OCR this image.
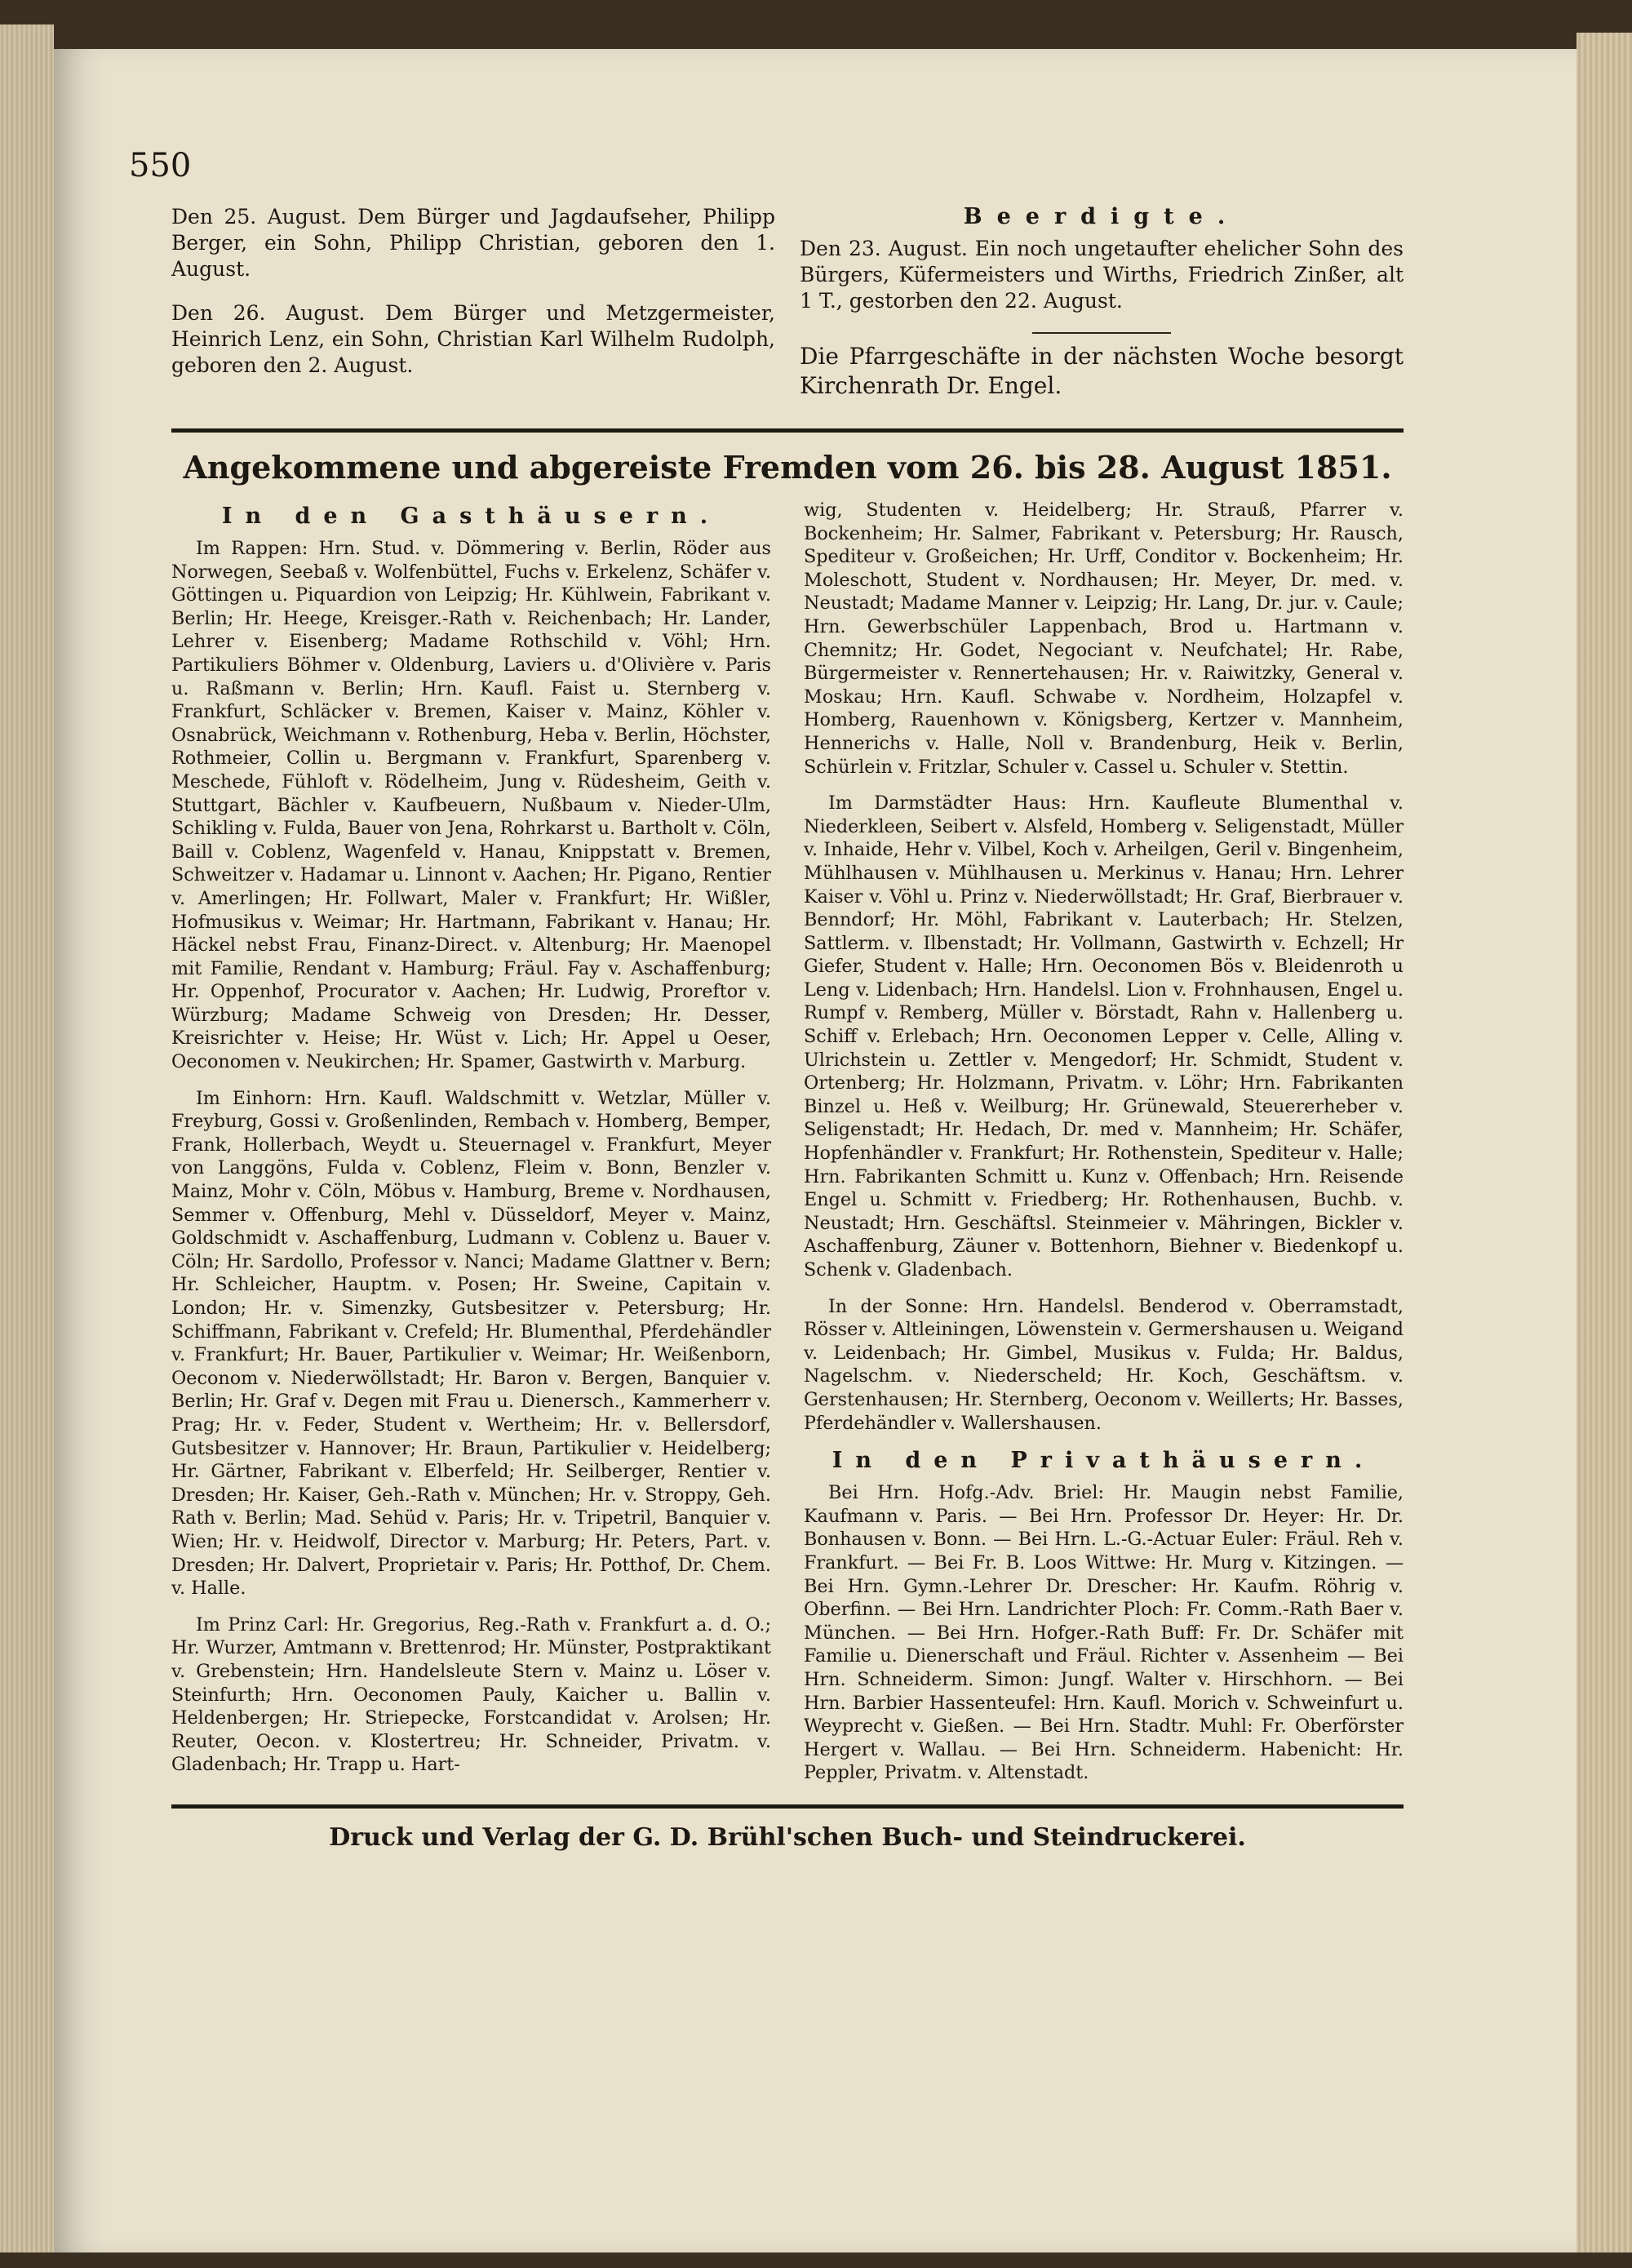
550

Den 25. August. Dem Bürger und Jagdaufseher, Philipp Berger, ein Sohn, Philipp Christian, geboren den 1. August.

Den 26. August. Dem Bürger und Metzgermeister, Heinrich Lenz, ein Sohn, Christian Karl Wilhelm Rudolph, geboren den 2. August.

Beerdigte.

Den 23. August. Ein noch ungetaufter ehelicher Sohn des Bürgers, Küfermeisters und Wirths, Friedrich Zinßer, alt 1 T., gestorben den 22. August.

Die Pfarrgeschäfte in der nächsten Woche besorgt Kirchenrath Dr. Engel.

Angekommene und abgereiste Fremden vom 26. bis 28. August 1851.
In den Gasthäusern.

Im Rappen: Hrn. Stud. v. Dömmering v. Berlin, Röder aus Norwegen, Seebaß v. Wolfenbüttel, Fuchs v. Erkelenz, Schäfer v. Göttingen u. Piquardion von Leipzig; Hr. Kühlwein, Fabrikant v. Berlin; Hr. Heege, Kreisger.-Rath v. Reichenbach; Hr. Lander, Lehrer v. Eisenberg; Madame Rothschild v. Vöhl; Hrn. Partikuliers Böhmer v. Oldenburg, Laviers u. d'Olivière v. Paris u. Raßmann v. Berlin; Hrn. Kaufl. Faist u. Sternberg v. Frankfurt, Schläcker v. Bremen, Kaiser v. Mainz, Köhler v. Osnabrück, Weichmann v. Rothenburg, Heba v. Berlin, Höchster, Rothmeier, Collin u. Bergmann v. Frankfurt, Sparenberg v. Meschede, Fühloft v. Rödelheim, Jung v. Rüdesheim, Geith v. Stuttgart, Bächler v. Kaufbeuern, Nußbaum v. Nieder-Ulm, Schikling v. Fulda, Bauer von Jena, Rohrkarst u. Bartholt v. Cöln, Baill v. Coblenz, Wagenfeld v. Hanau, Knippstatt v. Bremen, Schweitzer v. Hadamar u. Linnont v. Aachen; Hr. Pigano, Rentier v. Amerlingen; Hr. Follwart, Maler v. Frankfurt; Hr. Wißler, Hofmusikus v. Weimar; Hr. Hartmann, Fabrikant v. Hanau; Hr. Häckel nebst Frau, Finanz-Direct. v. Altenburg; Hr. Maenopel mit Familie, Rendant v. Hamburg; Fräul. Fay v. Aschaffenburg; Hr. Oppenhof, Procurator v. Aachen; Hr. Ludwig, Proreftor v. Würzburg; Madame Schweig von Dresden; Hr. Desser, Kreisrichter v. Heise; Hr. Wüst v. Lich; Hr. Appel u Oeser, Oeconomen v. Neukirchen; Hr. Spamer, Gastwirth v. Marburg.

Im Einhorn: Hrn. Kaufl. Waldschmitt v. Wetzlar, Müller v. Freyburg, Gossi v. Großenlinden, Rembach v. Homberg, Bemper, Frank, Hollerbach, Weydt u. Steuernagel v. Frankfurt, Meyer von Langgöns, Fulda v. Coblenz, Fleim v. Bonn, Benzler v. Mainz, Mohr v. Cöln, Möbus v. Hamburg, Breme v. Nordhausen, Semmer v. Offenburg, Mehl v. Düsseldorf, Meyer v. Mainz, Goldschmidt v. Aschaffenburg, Ludmann v. Coblenz u. Bauer v. Cöln; Hr. Sardollo, Professor v. Nanci; Madame Glattner v. Bern; Hr. Schleicher, Hauptm. v. Posen; Hr. Sweine, Capitain v. London; Hr. v. Simenzky, Gutsbesitzer v. Petersburg; Hr. Schiffmann, Fabrikant v. Crefeld; Hr. Blumenthal, Pferdehändler v. Frankfurt; Hr. Bauer, Partikulier v. Weimar; Hr. Weißenborn, Oeconom v. Niederwöllstadt; Hr. Baron v. Bergen, Banquier v. Berlin; Hr. Graf v. Degen mit Frau u. Dienersch., Kammerherr v. Prag; Hr. v. Feder, Student v. Wertheim; Hr. v. Bellersdorf, Gutsbesitzer v. Hannover; Hr. Braun, Partikulier v. Heidelberg; Hr. Gärtner, Fabrikant v. Elberfeld; Hr. Seilberger, Rentier v. Dresden; Hr. Kaiser, Geh.-Rath v. München; Hr. v. Stroppy, Geh. Rath v. Berlin; Mad. Sehüd v. Paris; Hr. v. Tripetril, Banquier v. Wien; Hr. v. Heidwolf, Director v. Marburg; Hr. Peters, Part. v. Dresden; Hr. Dalvert, Proprietair v. Paris; Hr. Potthof, Dr. Chem. v. Halle.

Im Prinz Carl: Hr. Gregorius, Reg.-Rath v. Frankfurt a. d. O.; Hr. Wurzer, Amtmann v. Brettenrod; Hr. Münster, Postpraktikant v. Grebenstein; Hrn. Handelsleute Stern v. Mainz u. Löser v. Steinfurth; Hrn. Oeconomen Pauly, Kaicher u. Ballin v. Heldenbergen; Hr. Striepecke, Forstcandidat v. Arolsen; Hr. Reuter, Oecon. v. Klostertreu; Hr. Schneider, Privatm. v. Gladenbach; Hr. Trapp u. Hart-

wig, Studenten v. Heidelberg; Hr. Strauß, Pfarrer v. Bockenheim; Hr. Salmer, Fabrikant v. Petersburg; Hr. Rausch, Spediteur v. Großeichen; Hr. Urff, Conditor v. Bockenheim; Hr. Moleschott, Student v. Nordhausen; Hr. Meyer, Dr. med. v. Neustadt; Madame Manner v. Leipzig; Hr. Lang, Dr. jur. v. Caule; Hrn. Gewerbschüler Lappenbach, Brod u. Hartmann v. Chemnitz; Hr. Godet, Negociant v. Neufchatel; Hr. Rabe, Bürgermeister v. Rennertehausen; Hr. v. Raiwitzky, General v. Moskau; Hrn. Kaufl. Schwabe v. Nordheim, Holzapfel v. Homberg, Rauenhown v. Königsberg, Kertzer v. Mannheim, Hennerichs v. Halle, Noll v. Brandenburg, Heik v. Berlin, Schürlein v. Fritzlar, Schuler v. Cassel u. Schuler v. Stettin.

Im Darmstädter Haus: Hrn. Kaufleute Blumenthal v. Niederkleen, Seibert v. Alsfeld, Homberg v. Seligenstadt, Müller v. Inhaide, Hehr v. Vilbel, Koch v. Arheilgen, Geril v. Bingenheim, Mühlhausen v. Mühlhausen u. Merkinus v. Hanau; Hrn. Lehrer Kaiser v. Vöhl u. Prinz v. Niederwöllstadt; Hr. Graf, Bierbrauer v. Benndorf; Hr. Möhl, Fabrikant v. Lauterbach; Hr. Stelzen, Sattlerm. v. Ilbenstadt; Hr. Vollmann, Gastwirth v. Echzell; Hr Giefer, Student v. Halle; Hrn. Oeconomen Bös v. Bleidenroth u Leng v. Lidenbach; Hrn. Handelsl. Lion v. Frohnhausen, Engel u. Rumpf v. Remberg, Müller v. Börstadt, Rahn v. Hallenberg u. Schiff v. Erlebach; Hrn. Oeconomen Lepper v. Celle, Alling v. Ulrichstein u. Zettler v. Mengedorf; Hr. Schmidt, Student v. Ortenberg; Hr. Holzmann, Privatm. v. Löhr; Hrn. Fabrikanten Binzel u. Heß v. Weilburg; Hr. Grünewald, Steuererheber v. Seligenstadt; Hr. Hedach, Dr. med v. Mannheim; Hr. Schäfer, Hopfenhändler v. Frankfurt; Hr. Rothenstein, Spediteur v. Halle; Hrn. Fabrikanten Schmitt u. Kunz v. Offenbach; Hrn. Reisende Engel u. Schmitt v. Friedberg; Hr. Rothenhausen, Buchb. v. Neustadt; Hrn. Geschäftsl. Steinmeier v. Mähringen, Bickler v. Aschaffenburg, Zäuner v. Bottenhorn, Biehner v. Biedenkopf u. Schenk v. Gladenbach.

In der Sonne: Hrn. Handelsl. Benderod v. Oberramstadt, Rösser v. Altleiningen, Löwenstein v. Germershausen u. Weigand v. Leidenbach; Hr. Gimbel, Musikus v. Fulda; Hr. Baldus, Nagelschm. v. Niederscheld; Hr. Koch, Geschäftsm. v. Gerstenhausen; Hr. Sternberg, Oeconom v. Weillerts; Hr. Basses, Pferdehändler v. Wallershausen.

In den Privathäusern.

Bei Hrn. Hofg.-Adv. Briel: Hr. Maugin nebst Familie, Kaufmann v. Paris. — Bei Hrn. Professor Dr. Heyer: Hr. Dr. Bonhausen v. Bonn. — Bei Hrn. L.-G.-Actuar Euler: Fräul. Reh v. Frankfurt. — Bei Fr. B. Loos Wittwe: Hr. Murg v. Kitzingen. — Bei Hrn. Gymn.-Lehrer Dr. Drescher: Hr. Kaufm. Röhrig v. Oberfinn. — Bei Hrn. Landrichter Ploch: Fr. Comm.-Rath Baer v. München. — Bei Hrn. Hofger.-Rath Buff: Fr. Dr. Schäfer mit Familie u. Dienerschaft und Fräul. Richter v. Assenheim — Bei Hrn. Schneiderm. Simon: Jungf. Walter v. Hirschhorn. — Bei Hrn. Barbier Hassenteufel: Hrn. Kaufl. Morich v. Schweinfurt u. Weyprecht v. Gießen. — Bei Hrn. Stadtr. Muhl: Fr. Oberförster Hergert v. Wallau. — Bei Hrn. Schneiderm. Habenicht: Hr. Peppler, Privatm. v. Altenstadt.

Druck und Verlag der G. D. Brühl'schen Buch- und Steindruckerei.
